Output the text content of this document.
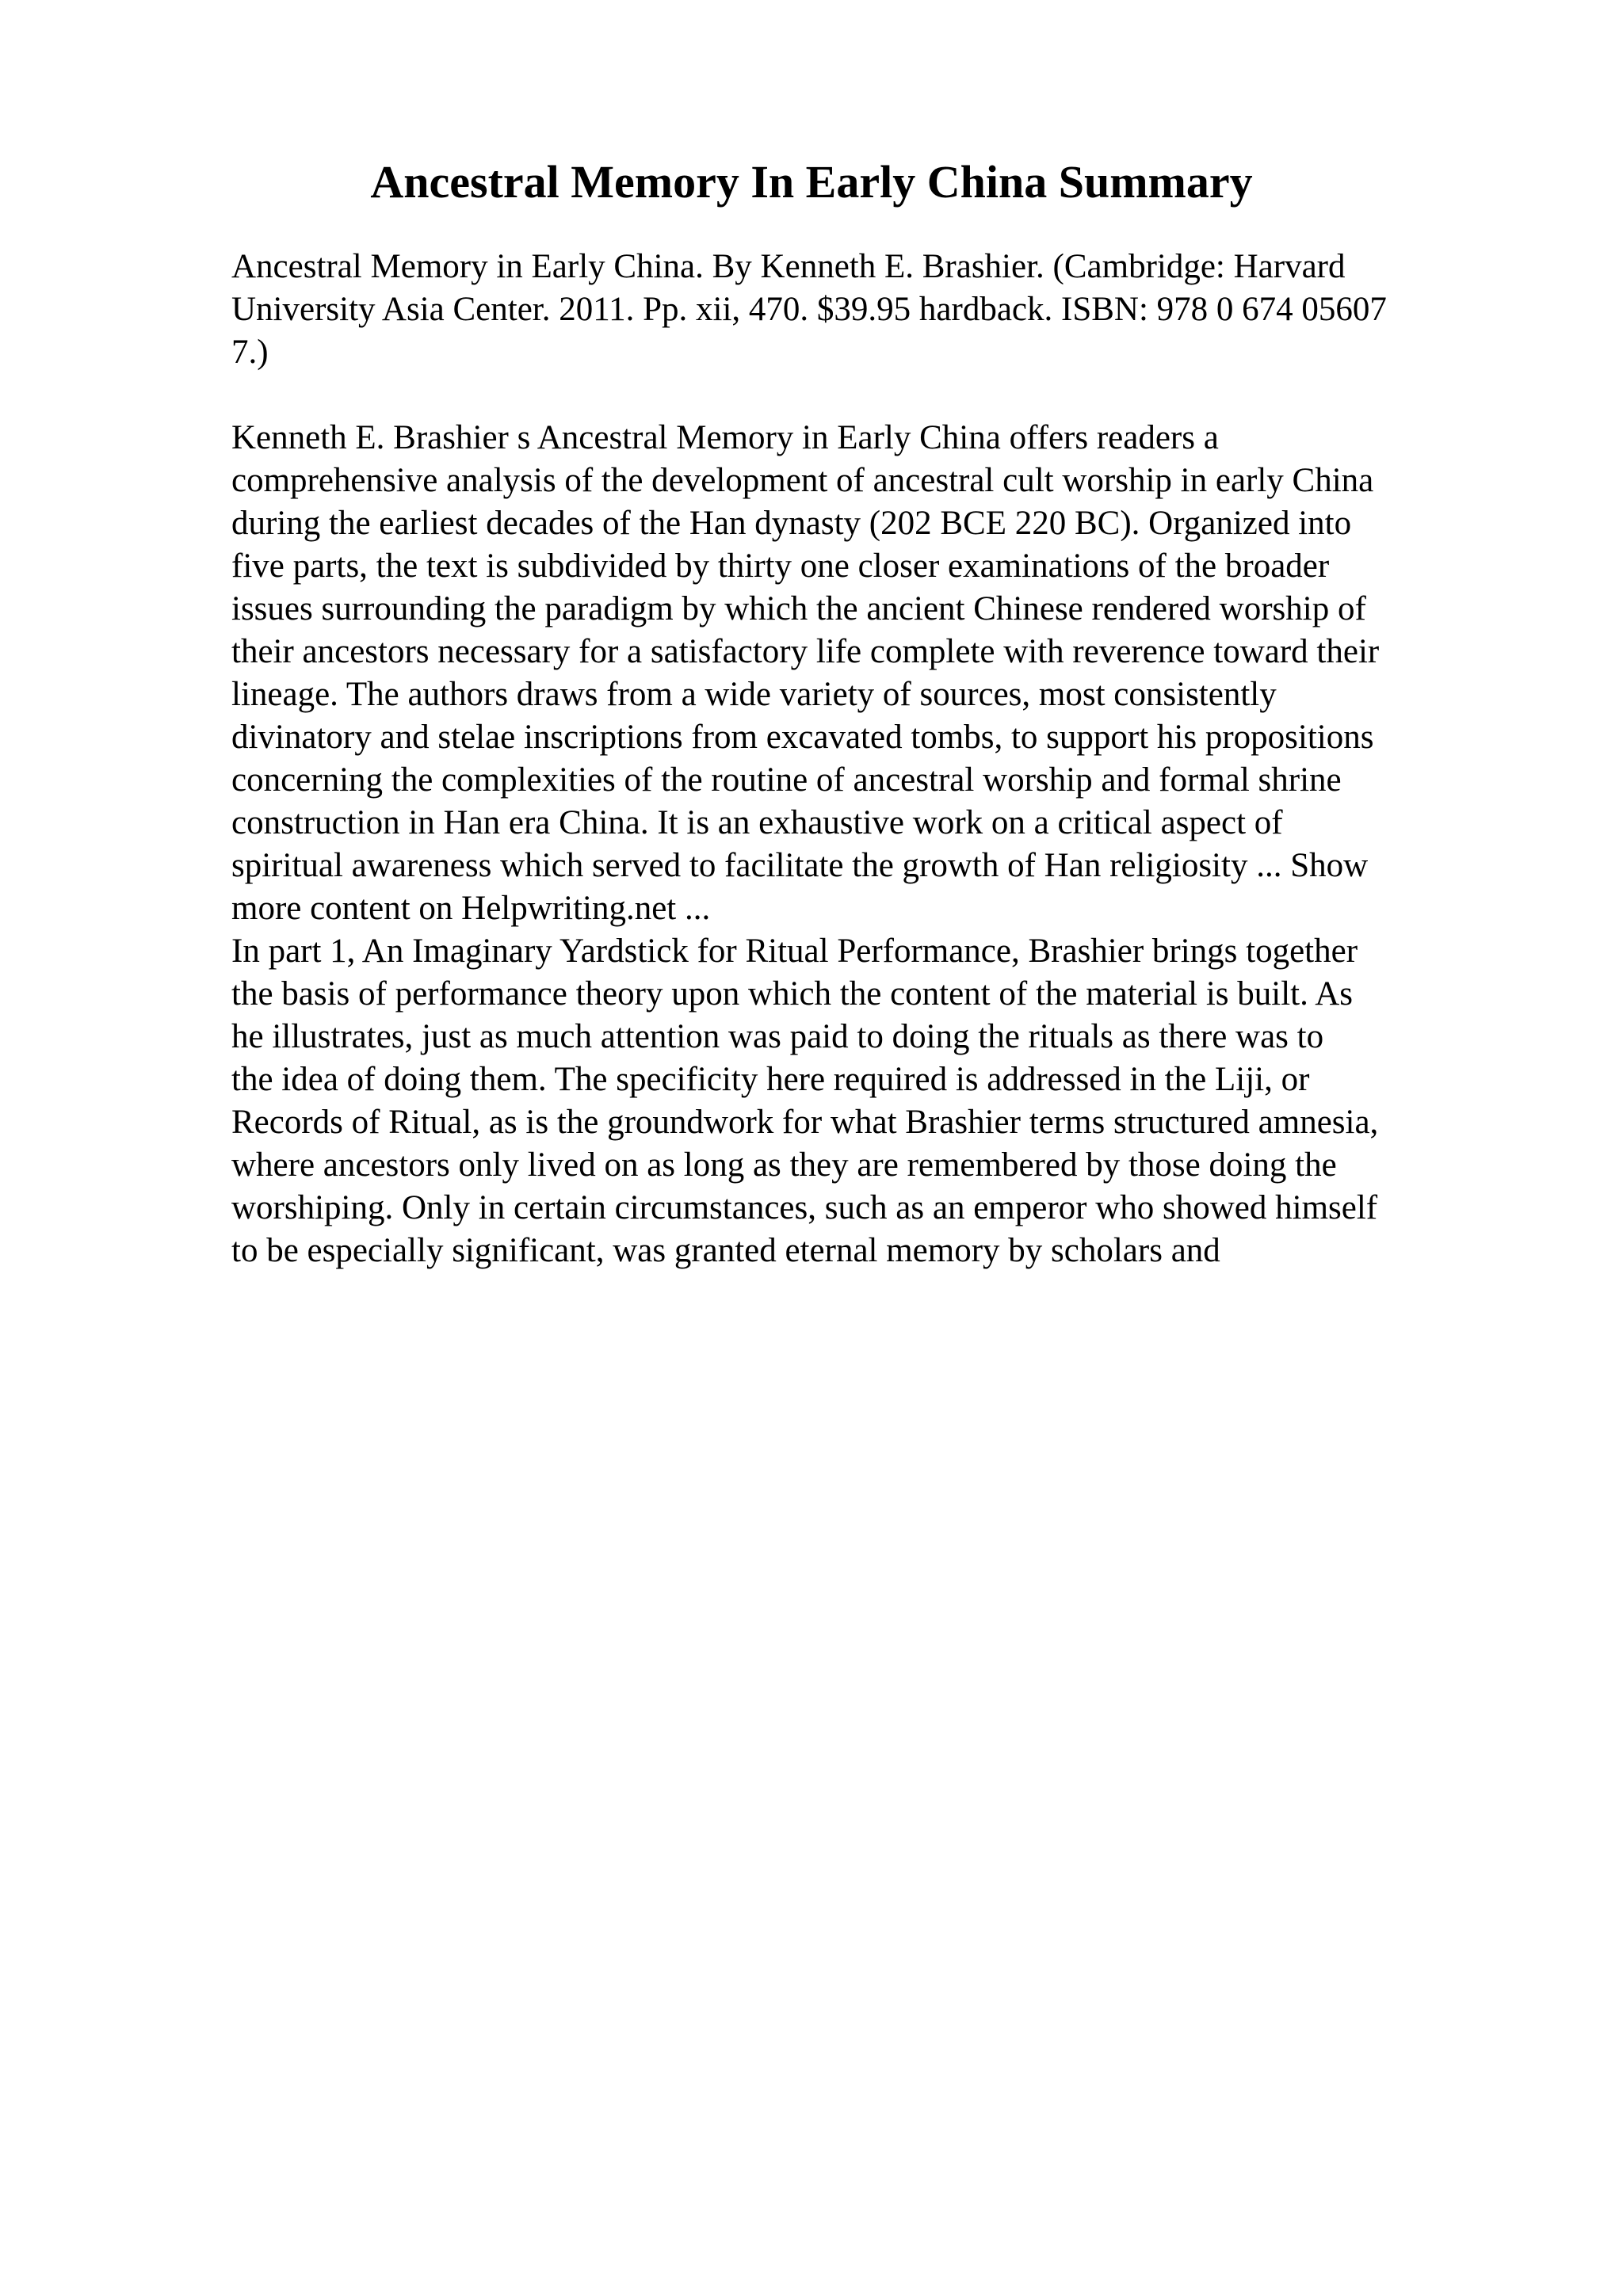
Ancestral Memory In Early China Summary
Ancestral Memory in Early China. By Kenneth E. Brashier. (Cambridge: Harvard
University Asia Center. 2011. Pp. xii, 470. $39.95 hardback. ISBN: 978 0 674 05607
7.)
Kenneth E. Brashier s Ancestral Memory in Early China offers readers a
comprehensive analysis of the development of ancestral cult worship in early China
during the earliest decades of the Han dynasty (202 BCE 220 BC). Organized into
five parts, the text is subdivided by thirty one closer examinations of the broader
issues surrounding the paradigm by which the ancient Chinese rendered worship of
their ancestors necessary for a satisfactory life complete with reverence toward their
lineage. The authors draws from a wide variety of sources, most consistently
divinatory and stelae inscriptions from excavated tombs, to support his propositions
concerning the complexities of the routine of ancestral worship and formal shrine
construction in Han era China. It is an exhaustive work on a critical aspect of
spiritual awareness which served to facilitate the growth of Han religiosity ... Show
more content on Helpwriting.net ...
In part 1, An Imaginary Yardstick for Ritual Performance, Brashier brings together
the basis of performance theory upon which the content of the material is built. As
he illustrates, just as much attention was paid to doing the rituals as there was to
the idea of doing them. The specificity here required is addressed in the Liji, or
Records of Ritual, as is the groundwork for what Brashier terms structured amnesia,
where ancestors only lived on as long as they are remembered by those doing the
worshiping. Only in certain circumstances, such as an emperor who showed himself
to be especially significant, was granted eternal memory by scholars and
